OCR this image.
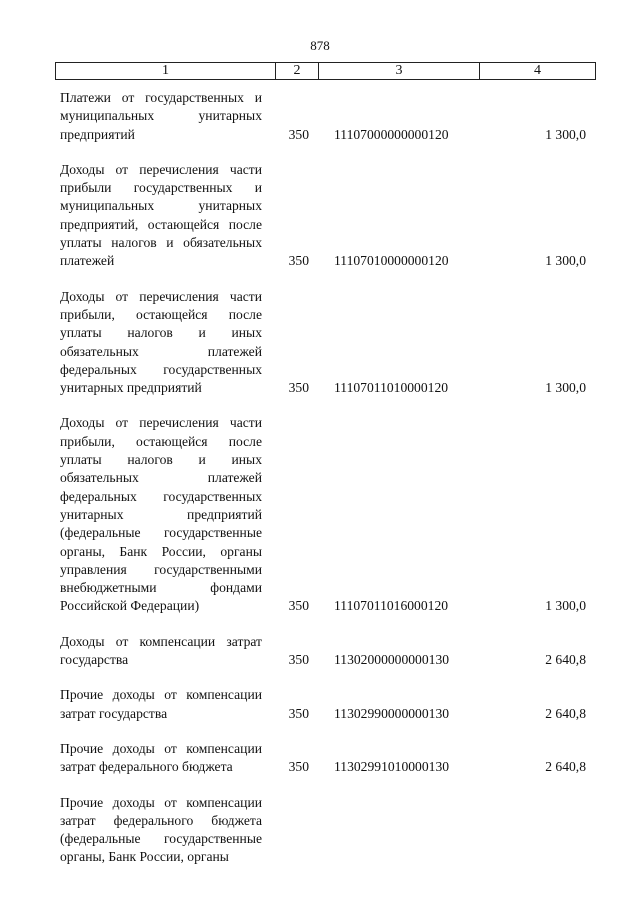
878
1	2	3	4
Платежи от государственных и муниципальных унитарных предприятий	350	11107000000000120	1 300,0
Доходы от перечисления части прибыли государственных и муниципальных унитарных предприятий, остающейся после уплаты налогов и обязательных платежей	350	11107010000000120	1 300,0
Доходы от перечисления части прибыли, остающейся после уплаты налогов и иных обязательных платежей федеральных государственных унитарных предприятий	350	11107011010000120	1 300,0
Доходы от перечисления части прибыли, остающейся после уплаты налогов и иных обязательных платежей федеральных государственных унитарных предприятий (федеральные государственные органы, Банк России, органы управления государственными внебюджетными фондами Российской Федерации)	350	11107011016000120	1 300,0
Доходы от компенсации затрат государства	350	11302000000000130	2 640,8
Прочие доходы от компенсации затрат государства	350	11302990000000130	2 640,8
Прочие доходы от компенсации затрат федерального бюджета	350	11302991010000130	2 640,8
Прочие доходы от компенсации затрат федерального бюджета (федеральные государственные органы, Банк России, органы
